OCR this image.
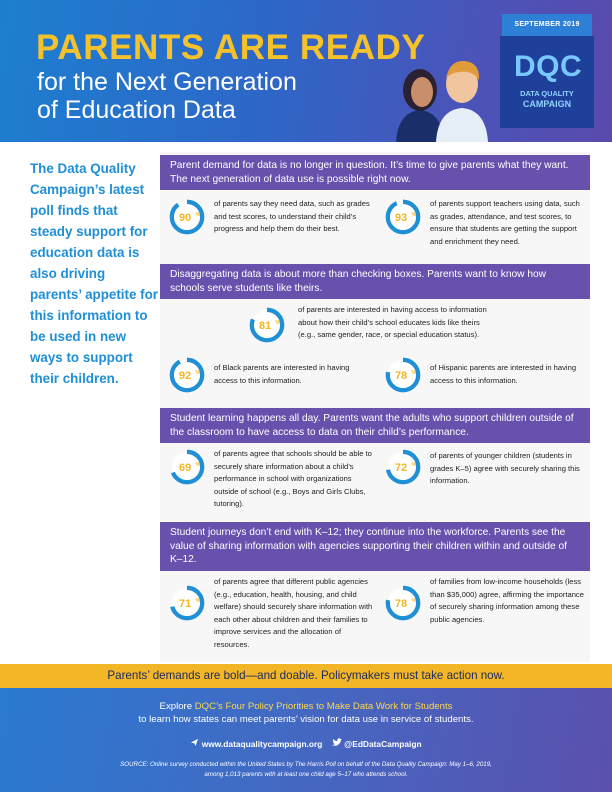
PARENTS ARE READY
for the Next Generation
of Education Data
SEPTEMBER 2019
DQC
DATA QUALITY
CAMPAIGN
The Data Quality Campaign’s latest poll finds that steady support for education data is also driving parents’ appetite for this information to be used in new ways to support their children.
Parent demand for data is no longer in question. It’s time to give parents what they want. The next generation of data use is possible right now.
90 %
of parents say they need data, such as grades and test scores, to understand their child’s progress and help them do their best.
93 %
of parents support teachers using data, such as grades, attendance, and test scores, to ensure that students are getting the support and enrichment they need.
Disaggregating data is about more than checking boxes. Parents want to know how schools serve students like theirs.
81 %
of parents are interested in having access to information about how their child’s school educates kids like theirs (e.g., same gender, race, or special education status).
92 %
of Black parents are interested in having access to this information.	78 %
of Hispanic parents are interested in having access to this information.
Student learning happens all day. Parents want the adults who support children outside of the classroom to have access to data on their child’s performance.
69 %
of parents agree that schools should be able to securely share information about a child’s performance in school with organizations outside of school (e.g., Boys and Girls Clubs, tutoring).
72 %
of parents of younger children (students in grades K–5) agree with securely sharing this information.
Student journeys don’t end with K–12; they continue into the workforce. Parents see the value of sharing information with agencies supporting their children within and outside of K–12.
71 %
of parents agree that different public agencies (e.g., education, health, housing, and child welfare) should securely share information with each other about children and their families to improve services and the allocation of resources.
78 %
of families from low-income households (less than $35,000) agree, affirming the importance of securely sharing information among these public agencies.
Parents’ demands are bold—and doable. Policymakers must take action now.
Explore DQC’s Four Policy Priorities to Make Data Work for Students
to learn how states can meet parents’ vision for data use in service of students.
www.dataqualitycampaign.org	@EdDataCampaign
SOURCE: Online survey conducted within the United States by The Harris Poll on behalf of the Data Quality Campaign: May 1–6, 2019,
among 1,013 parents with at least one child age 5–17 who attends school.
